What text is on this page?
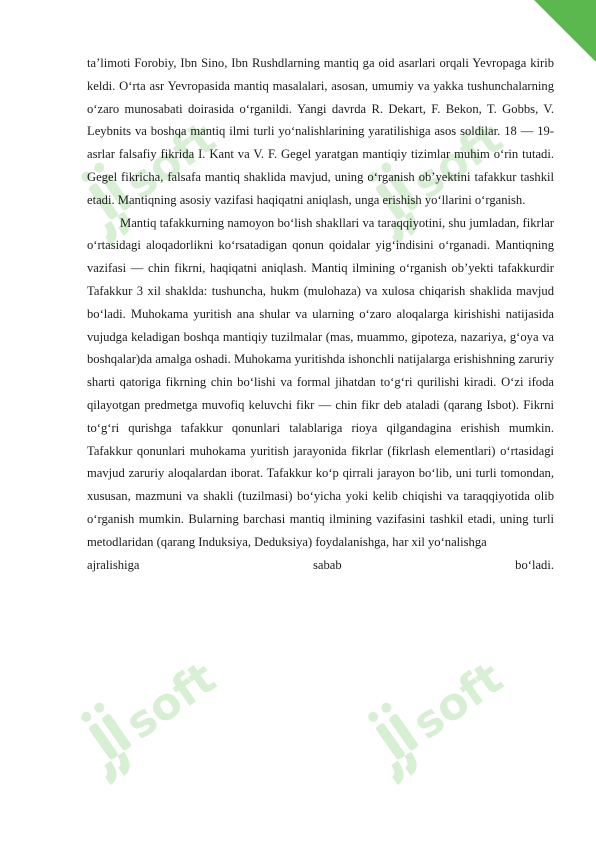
4
soft	soft
soft	soft

ta’limoti Forobiy, Ibn Sino, Ibn Rushdlarning mantiq ga oid asarlari orqali Yevropaga kirib keldi. O‘rta asr Yevropasida mantiq masalalari, asosan, umumiy va yakka tushunchalarning o‘zaro munosabati doirasida o‘rganildi. Yangi davrda R. Dekart, F. Bekon, T. Gobbs, V. Leybnits va boshqa mantiq ilmi turli yo‘nalishlarining yaratilishiga asos soldilar. 18 — 19-asrlar falsafiy fikrida I. Kant va V. F. Gegel yaratgan mantiqiy tizimlar muhim o‘rin tutadi. Gegel fikricha, falsafa mantiq shaklida mavjud, uning o‘rganish ob’yektini tafakkur tashkil etadi. Mantiqning asosiy vazifasi haqiqatni aniqlash, unga erishish yo‘llarini o‘rganish.

Mantiq tafakkurning namoyon bo‘lish shakllari va taraqqiyotini, shu jumladan, fikrlar o‘rtasidagi aloqadorlikni ko‘rsatadigan qonun qoidalar yig‘indisini o‘rganadi. Mantiqning vazifasi — chin fikrni, haqiqatni aniqlash. Mantiq ilmining o‘rganish ob’yekti tafakkurdir Tafakkur 3 xil shaklda: tushuncha, hukm (mulohaza) va xulosa chiqarish shaklida mavjud bo‘ladi. Muhokama yuritish ana shular va ularning o‘zaro aloqalarga kirishishi natijasida vujudga keladigan boshqa mantiqiy tuzilmalar (mas, muammo, gipoteza, nazariya, g‘oya va boshqalar)da amalga oshadi. Muhokama yuritishda ishonchli natijalarga erishishning zaruriy sharti qatoriga fikrning chin bo‘lishi va formal jihatdan to‘g‘ri qurilishi kiradi. O‘zi ifoda qilayotgan predmetga muvofiq keluvchi fikr — chin fikr deb ataladi (qarang Isbot). Fikrni to‘g‘ri qurishga tafakkur qonunlari talablariga rioya qilgandagina erishish mumkin. Tafakkur qonunlari muhokama yuritish jarayonida fikrlar (fikrlash elementlari) o‘rtasidagi mavjud zaruriy aloqalardan iborat. Tafakkur ko‘p qirrali jarayon bo‘lib, uni turli tomondan, xususan, mazmuni va shakli (tuzilmasi) bo‘yicha yoki kelib chiqishi va taraqqiyotida olib o‘rganish mumkin. Bularning barchasi mantiq ilmining vazifasini tashkil etadi, uning turli metodlaridan (qarang Induksiya, Deduksiya) foydalanishga, har xil yo‘nalishga

ajralishiga	sabab	bo‘ladi.
